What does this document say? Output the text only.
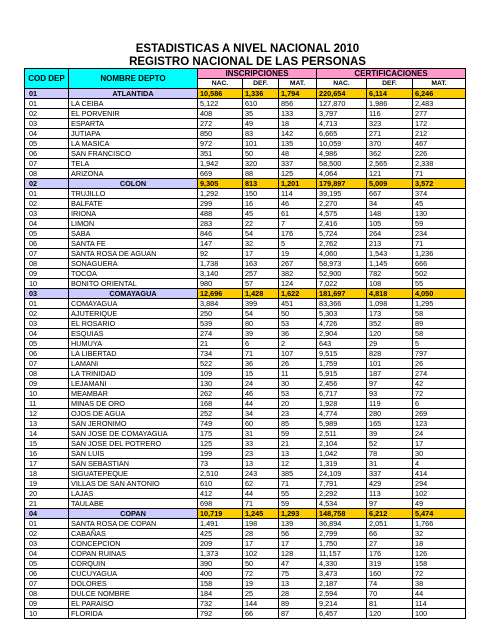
ESTADISTICAS A NIVEL NACIONAL 2010
REGISTRO NACIONAL DE LAS PERSONAS
COD DEP	NOMBRE DEPTO	INSCRIPCIONES			CERTIFICACIONES		
		NAC.	DEF.	MAT.	NAC.	DEF.	MAT.
01	ATLANTIDA	10,586	1,336	1,794	220,654	6,114	6,246
01	LA CEIBA	5,122	610	856	127,870	1,986	2,483
02	EL PORVENIR	408	35	133	3,797	116	277
03	ESPARTA	272	49	18	4,713	323	172
04	JUTIAPA	850	83	142	6,665	271	212
05	LA MASICA	972	101	135	10,059	370	467
06	SAN FRANCISCO	351	50	48	4,986	362	226
07	TELA	1,942	320	337	58,500	2,565	2,338
08	ARIZONA	669	88	125	4,064	121	71
02	COLON	9,305	813	1,201	179,897	5,009	3,572
01	TRUJILLO	1,292	150	114	39,195	667	374
02	BALFATE	299	16	46	2,270	34	45
03	IRIONA	488	45	61	4,575	148	130
04	LIMON	283	22	7	2,416	105	59
05	SABA	846	54	176	5,724	264	234
06	SANTA FE	147	32	5	2,762	213	71
07	SANTA ROSA DE AGUAN	92	17	19	4,060	1,543	1,236
08	SONAGUERA	1,738	163	267	58,973	1,145	666
09	TOCOA	3,140	257	382	52,900	782	502
10	BONITO ORIENTAL	980	57	124	7,022	108	55
03	COMAYAGUA	12,696	1,428	1,622	181,697	4,818	4,050
01	COMAYAGUA	3,884	399	451	83,366	1,098	1,295
02	AJUTERIQUE	250	54	50	5,303	173	58
03	EL ROSARIO	539	80	53	4,726	352	89
04	ESQUIAS	274	39	36	2,904	120	58
05	HUMUYA	21	6	2	643	29	5
06	LA LIBERTAD	734	71	107	9,515	828	797
07	LAMANI	522	36	26	1,759	101	26
08	LA TRINIDAD	109	15	11	5,915	187	274
09	LEJAMANI	130	24	30	2,456	97	42
10	MEAMBAR	262	46	53	6,717	93	72
11	MINAS DE ORO	168	44	20	1,928	119	6
12	OJOS DE AGUA	252	34	23	4,774	280	269
13	SAN JERONIMO	749	60	85	5,989	165	123
14	SAN JOSE DE COMAYAGUA	175	31	59	2,511	39	24
15	SAN JOSE DEL POTRERO	125	33	21	2,104	52	17
16	SAN LUIS	199	23	13	1,042	78	30
17	SAN SEBASTIAN	73	13	12	1,319	31	4
18	SIGUATEPEQUE	2,510	243	385	24,109	337	414
19	VILLAS DE SAN ANTONIO	610	62	71	7,791	429	294
20	LAJAS	412	44	55	2,292	113	102
21	TAULABE	698	71	59	4,534	97	49
04	COPAN	10,719	1,245	1,293	148,758	6,212	5,474
01	SANTA ROSA DE COPAN	1,491	198	139	36,894	2,051	1,766
02	CABAÑAS	425	28	56	2,799	66	32
03	CONCEPCION	209	17	17	1,750	27	18
04	COPAN RUINAS	1,373	102	128	11,157	176	126
05	CORQUIN	390	50	47	4,330	319	158
06	CUCUYAGUA	400	72	75	3,473	160	72
07	DOLORES	158	19	13	2,187	74	38
08	DULCE NOMBRE	184	25	28	2,594	70	44
09	EL PARAISO	732	144	89	9,214	81	114
10	FLORIDA	792	66	87	6,457	120	100
